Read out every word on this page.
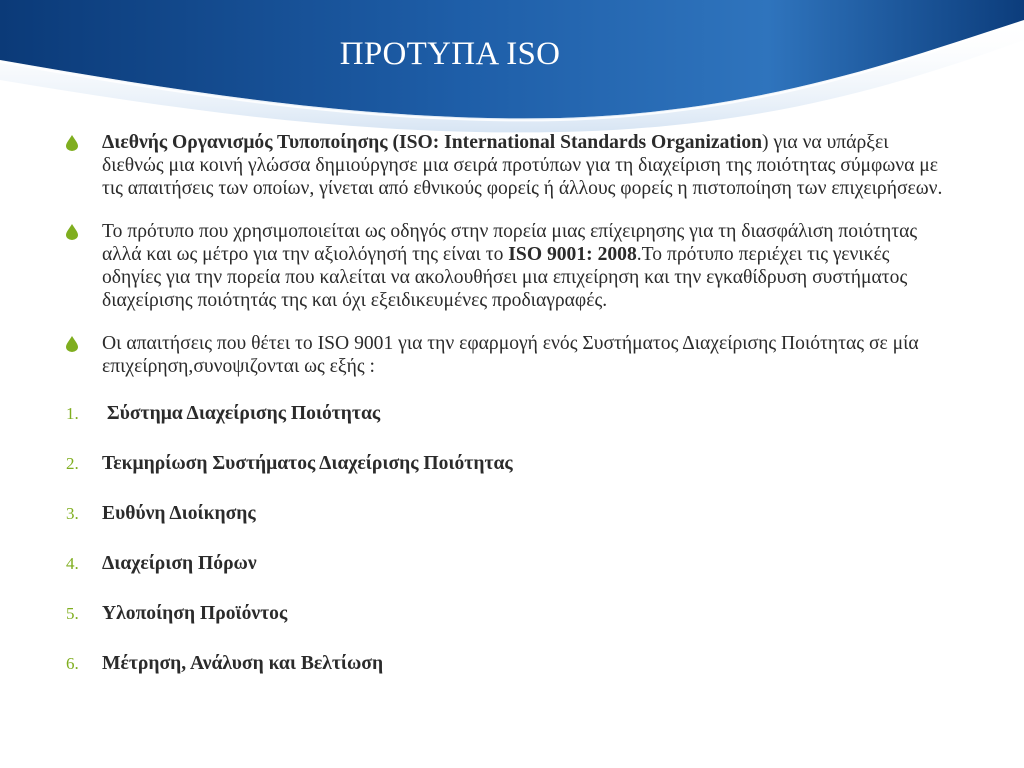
ΠΡΟΤΥΠΑ ISO
Διεθνής Οργανισμός Τυποποίησης (ISO: International Standards Organization) για να υπάρξει διεθνώς μια κοινή γλώσσα δημιούργησε μια σειρά προτύπων για τη διαχείριση της ποιότητας σύμφωνα με τις απαιτήσεις των οποίων, γίνεται από εθνικούς φορείς ή άλλους φορείς η πιστοποίηση των επιχειρήσεων.
Το πρότυπο που χρησιμοποιείται ως οδηγός στην πορεία μιας επίχειρησης για τη διασφάλιση ποιότητας αλλά και ως μέτρο για την αξιολόγησή της είναι το ISO 9001: 2008.Το πρότυπο περιέχει τις γενικές οδηγίες για την πορεία που καλείται να ακολουθήσει μια επιχείρηση και την εγκαθίδρυση συστήματος διαχείρισης ποιότητάς της και όχι εξειδικευμένες προδιαγραφές.
Οι απαιτήσεις που θέτει το ISO 9001 για την εφαρμογή ενός Συστήματος Διαχείρισης Ποιότητας σε μία επιχείρηση,συνοψιζονται ως εξής :
1. Σύστημα Διαχείρισης Ποιότητας
2. Τεκμηρίωση Συστήματος Διαχείρισης Ποιότητας
3. Ευθύνη Διοίκησης
4. Διαχείριση Πόρων
5. Υλοποίηση Προϊόντος
6. Μέτρηση, Ανάλυση και Βελτίωση
